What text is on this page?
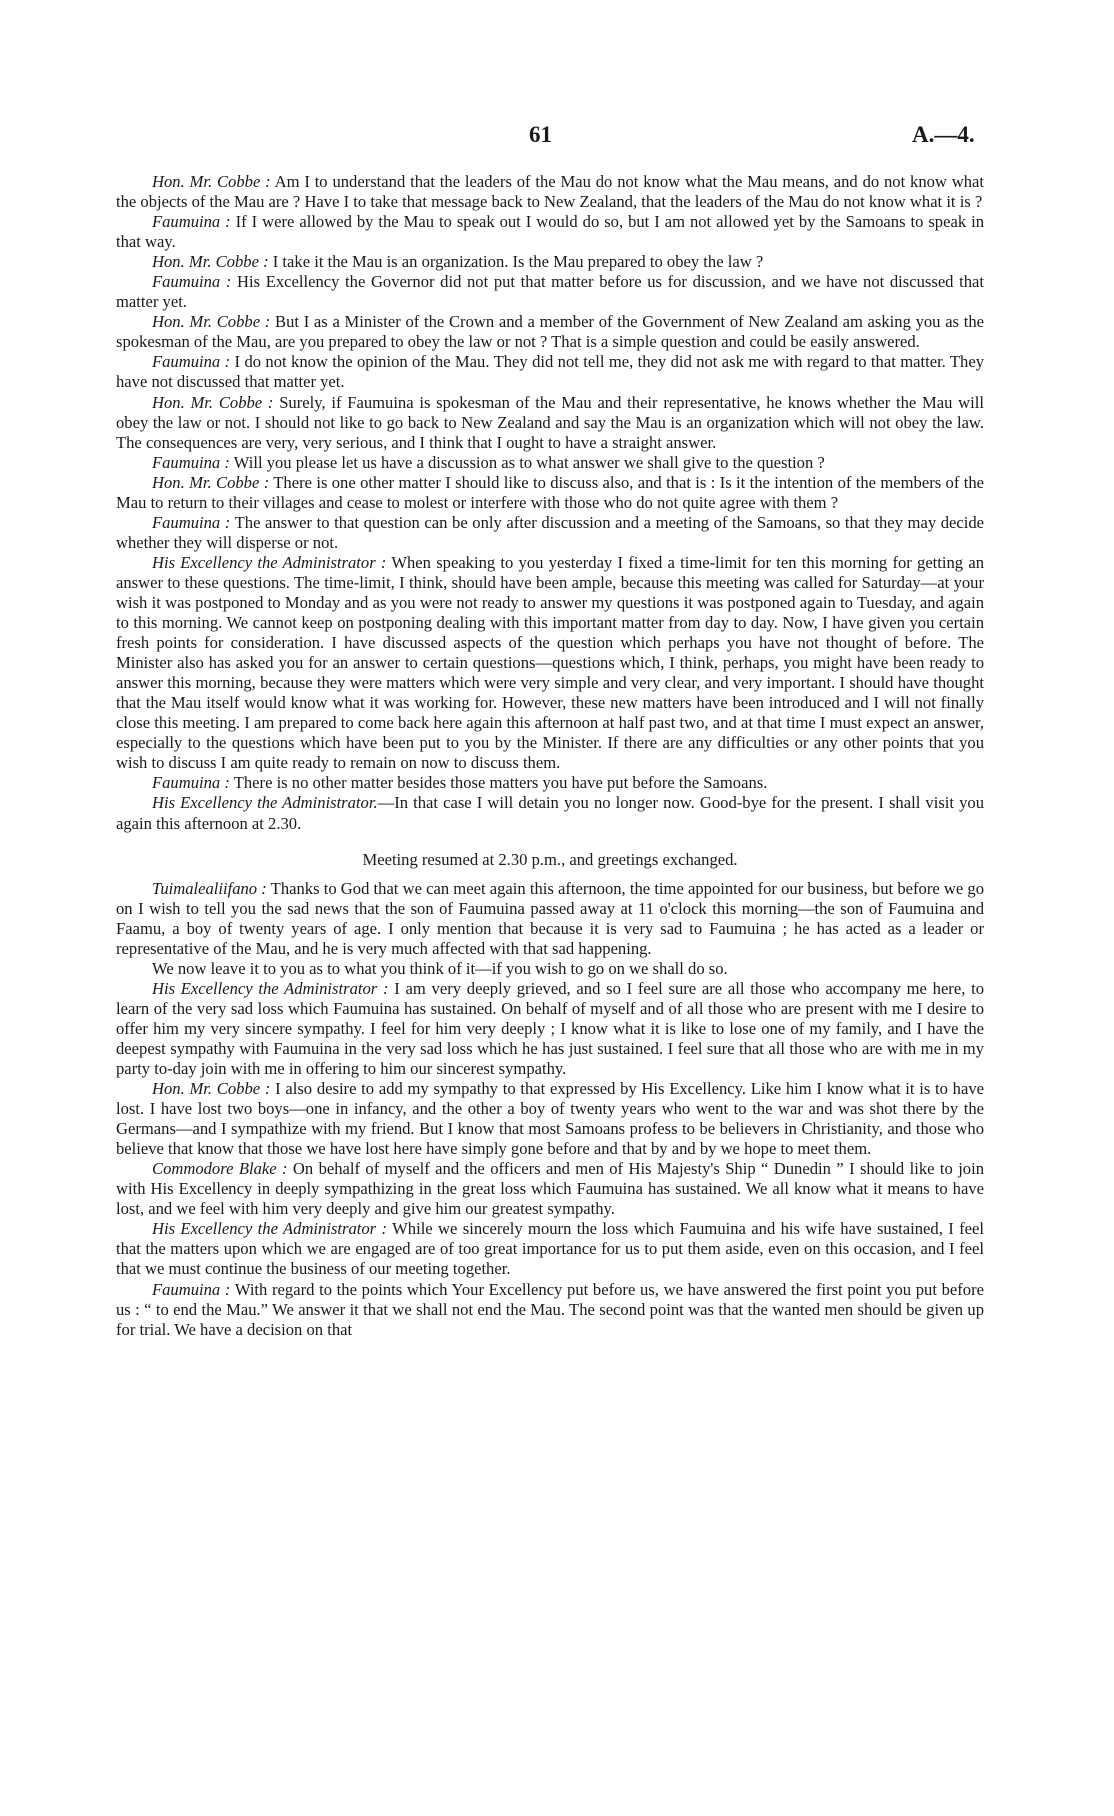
61	A.—4.

Hon. Mr. Cobbe : Am I to understand that the leaders of the Mau do not know what the Mau means, and do not know what the objects of the Mau are ? Have I to take that message back to New Zealand, that the leaders of the Mau do not know what it is ?

Faumuina : If I were allowed by the Mau to speak out I would do so, but I am not allowed yet by the Samoans to speak in that way.

Hon. Mr. Cobbe : I take it the Mau is an organization. Is the Mau prepared to obey the law ?

Faumuina : His Excellency the Governor did not put that matter before us for discussion, and we have not discussed that matter yet.

Hon. Mr. Cobbe : But I as a Minister of the Crown and a member of the Government of New Zealand am asking you as the spokesman of the Mau, are you prepared to obey the law or not ? That is a simple question and could be easily answered.

Faumuina : I do not know the opinion of the Mau. They did not tell me, they did not ask me with regard to that matter. They have not discussed that matter yet.

Hon. Mr. Cobbe : Surely, if Faumuina is spokesman of the Mau and their representative, he knows whether the Mau will obey the law or not. I should not like to go back to New Zealand and say the Mau is an organization which will not obey the law. The consequences are very, very serious, and I think that I ought to have a straight answer.

Faumuina : Will you please let us have a discussion as to what answer we shall give to the question ?

Hon. Mr. Cobbe : There is one other matter I should like to discuss also, and that is : Is it the intention of the members of the Mau to return to their villages and cease to molest or interfere with those who do not quite agree with them ?

Faumuina : The answer to that question can be only after discussion and a meeting of the Samoans, so that they may decide whether they will disperse or not.

His Excellency the Administrator : When speaking to you yesterday I fixed a time-limit for ten this morning for getting an answer to these questions. The time-limit, I think, should have been ample, because this meeting was called for Saturday—at your wish it was postponed to Monday and as you were not ready to answer my questions it was postponed again to Tuesday, and again to this morning. We cannot keep on postponing dealing with this important matter from day to day. Now, I have given you certain fresh points for consideration. I have discussed aspects of the question which perhaps you have not thought of before. The Minister also has asked you for an answer to certain questions—questions which, I think, perhaps, you might have been ready to answer this morning, because they were matters which were very simple and very clear, and very important. I should have thought that the Mau itself would know what it was working for. However, these new matters have been introduced and I will not finally close this meeting. I am prepared to come back here again this afternoon at half past two, and at that time I must expect an answer, especially to the questions which have been put to you by the Minister. If there are any difficulties or any other points that you wish to discuss I am quite ready to remain on now to discuss them.

Faumuina : There is no other matter besides those matters you have put before the Samoans.

His Excellency the Administrator.—In that case I will detain you no longer now. Good-bye for the present. I shall visit you again this afternoon at 2.30.

Meeting resumed at 2.30 p.m., and greetings exchanged.

Tuimalealiifano : Thanks to God that we can meet again this afternoon, the time appointed for our business, but before we go on I wish to tell you the sad news that the son of Faumuina passed away at 11 o'clock this morning—the son of Faumuina and Faamu, a boy of twenty years of age. I only mention that because it is very sad to Faumuina ; he has acted as a leader or representative of the Mau, and he is very much affected with that sad happening.

We now leave it to you as to what you think of it—if you wish to go on we shall do so.

His Excellency the Administrator : I am very deeply grieved, and so I feel sure are all those who accompany me here, to learn of the very sad loss which Faumuina has sustained. On behalf of myself and of all those who are present with me I desire to offer him my very sincere sympathy. I feel for him very deeply ; I know what it is like to lose one of my family, and I have the deepest sympathy with Faumuina in the very sad loss which he has just sustained. I feel sure that all those who are with me in my party to-day join with me in offering to him our sincerest sympathy.

Hon. Mr. Cobbe : I also desire to add my sympathy to that expressed by His Excellency. Like him I know what it is to have lost. I have lost two boys—one in infancy, and the other a boy of twenty years who went to the war and was shot there by the Germans—and I sympathize with my friend. But I know that most Samoans profess to be believers in Christianity, and those who believe that know that those we have lost here have simply gone before and that by and by we hope to meet them.

Commodore Blake : On behalf of myself and the officers and men of His Majesty's Ship “ Dunedin ” I should like to join with His Excellency in deeply sympathizing in the great loss which Faumuina has sustained. We all know what it means to have lost, and we feel with him very deeply and give him our greatest sympathy.

His Excellency the Administrator : While we sincerely mourn the loss which Faumuina and his wife have sustained, I feel that the matters upon which we are engaged are of too great importance for us to put them aside, even on this occasion, and I feel that we must continue the business of our meeting together.

Faumuina : With regard to the points which Your Excellency put before us, we have answered the first point you put before us : “ to end the Mau.” We answer it that we shall not end the Mau. The second point was that the wanted men should be given up for trial. We have a decision on that
